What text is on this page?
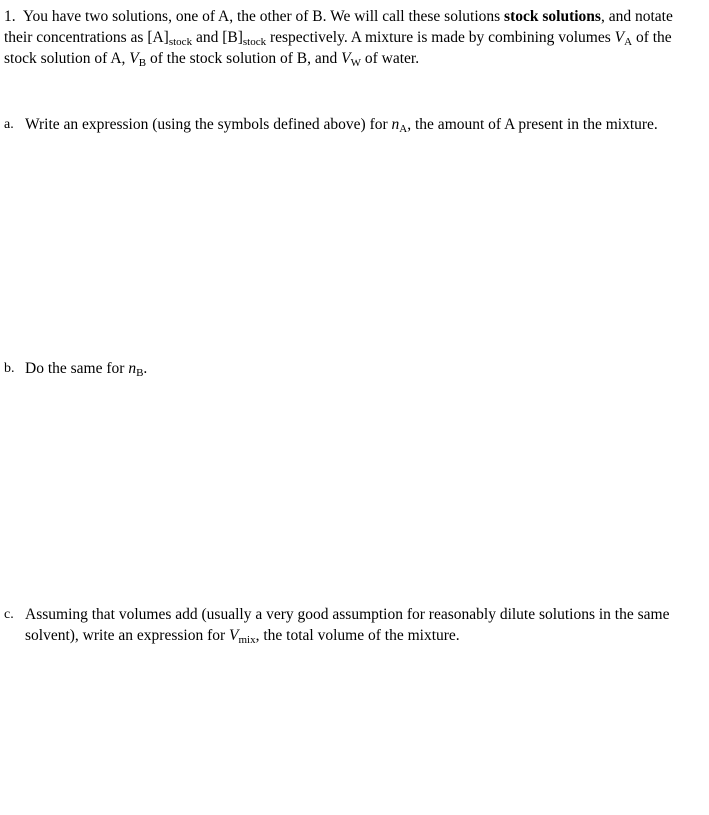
1. You have two solutions, one of A, the other of B. We will call these solutions stock solutions, and notate their concentrations as [A]stock and [B]stock respectively. A mixture is made by combining volumes VA of the stock solution of A, VB of the stock solution of B, and VW of water.
a. Write an expression (using the symbols defined above) for nA, the amount of A present in the mixture.
b. Do the same for nB.
c. Assuming that volumes add (usually a very good assumption for reasonably dilute solutions in the same solvent), write an expression for Vmix, the total volume of the mixture.
